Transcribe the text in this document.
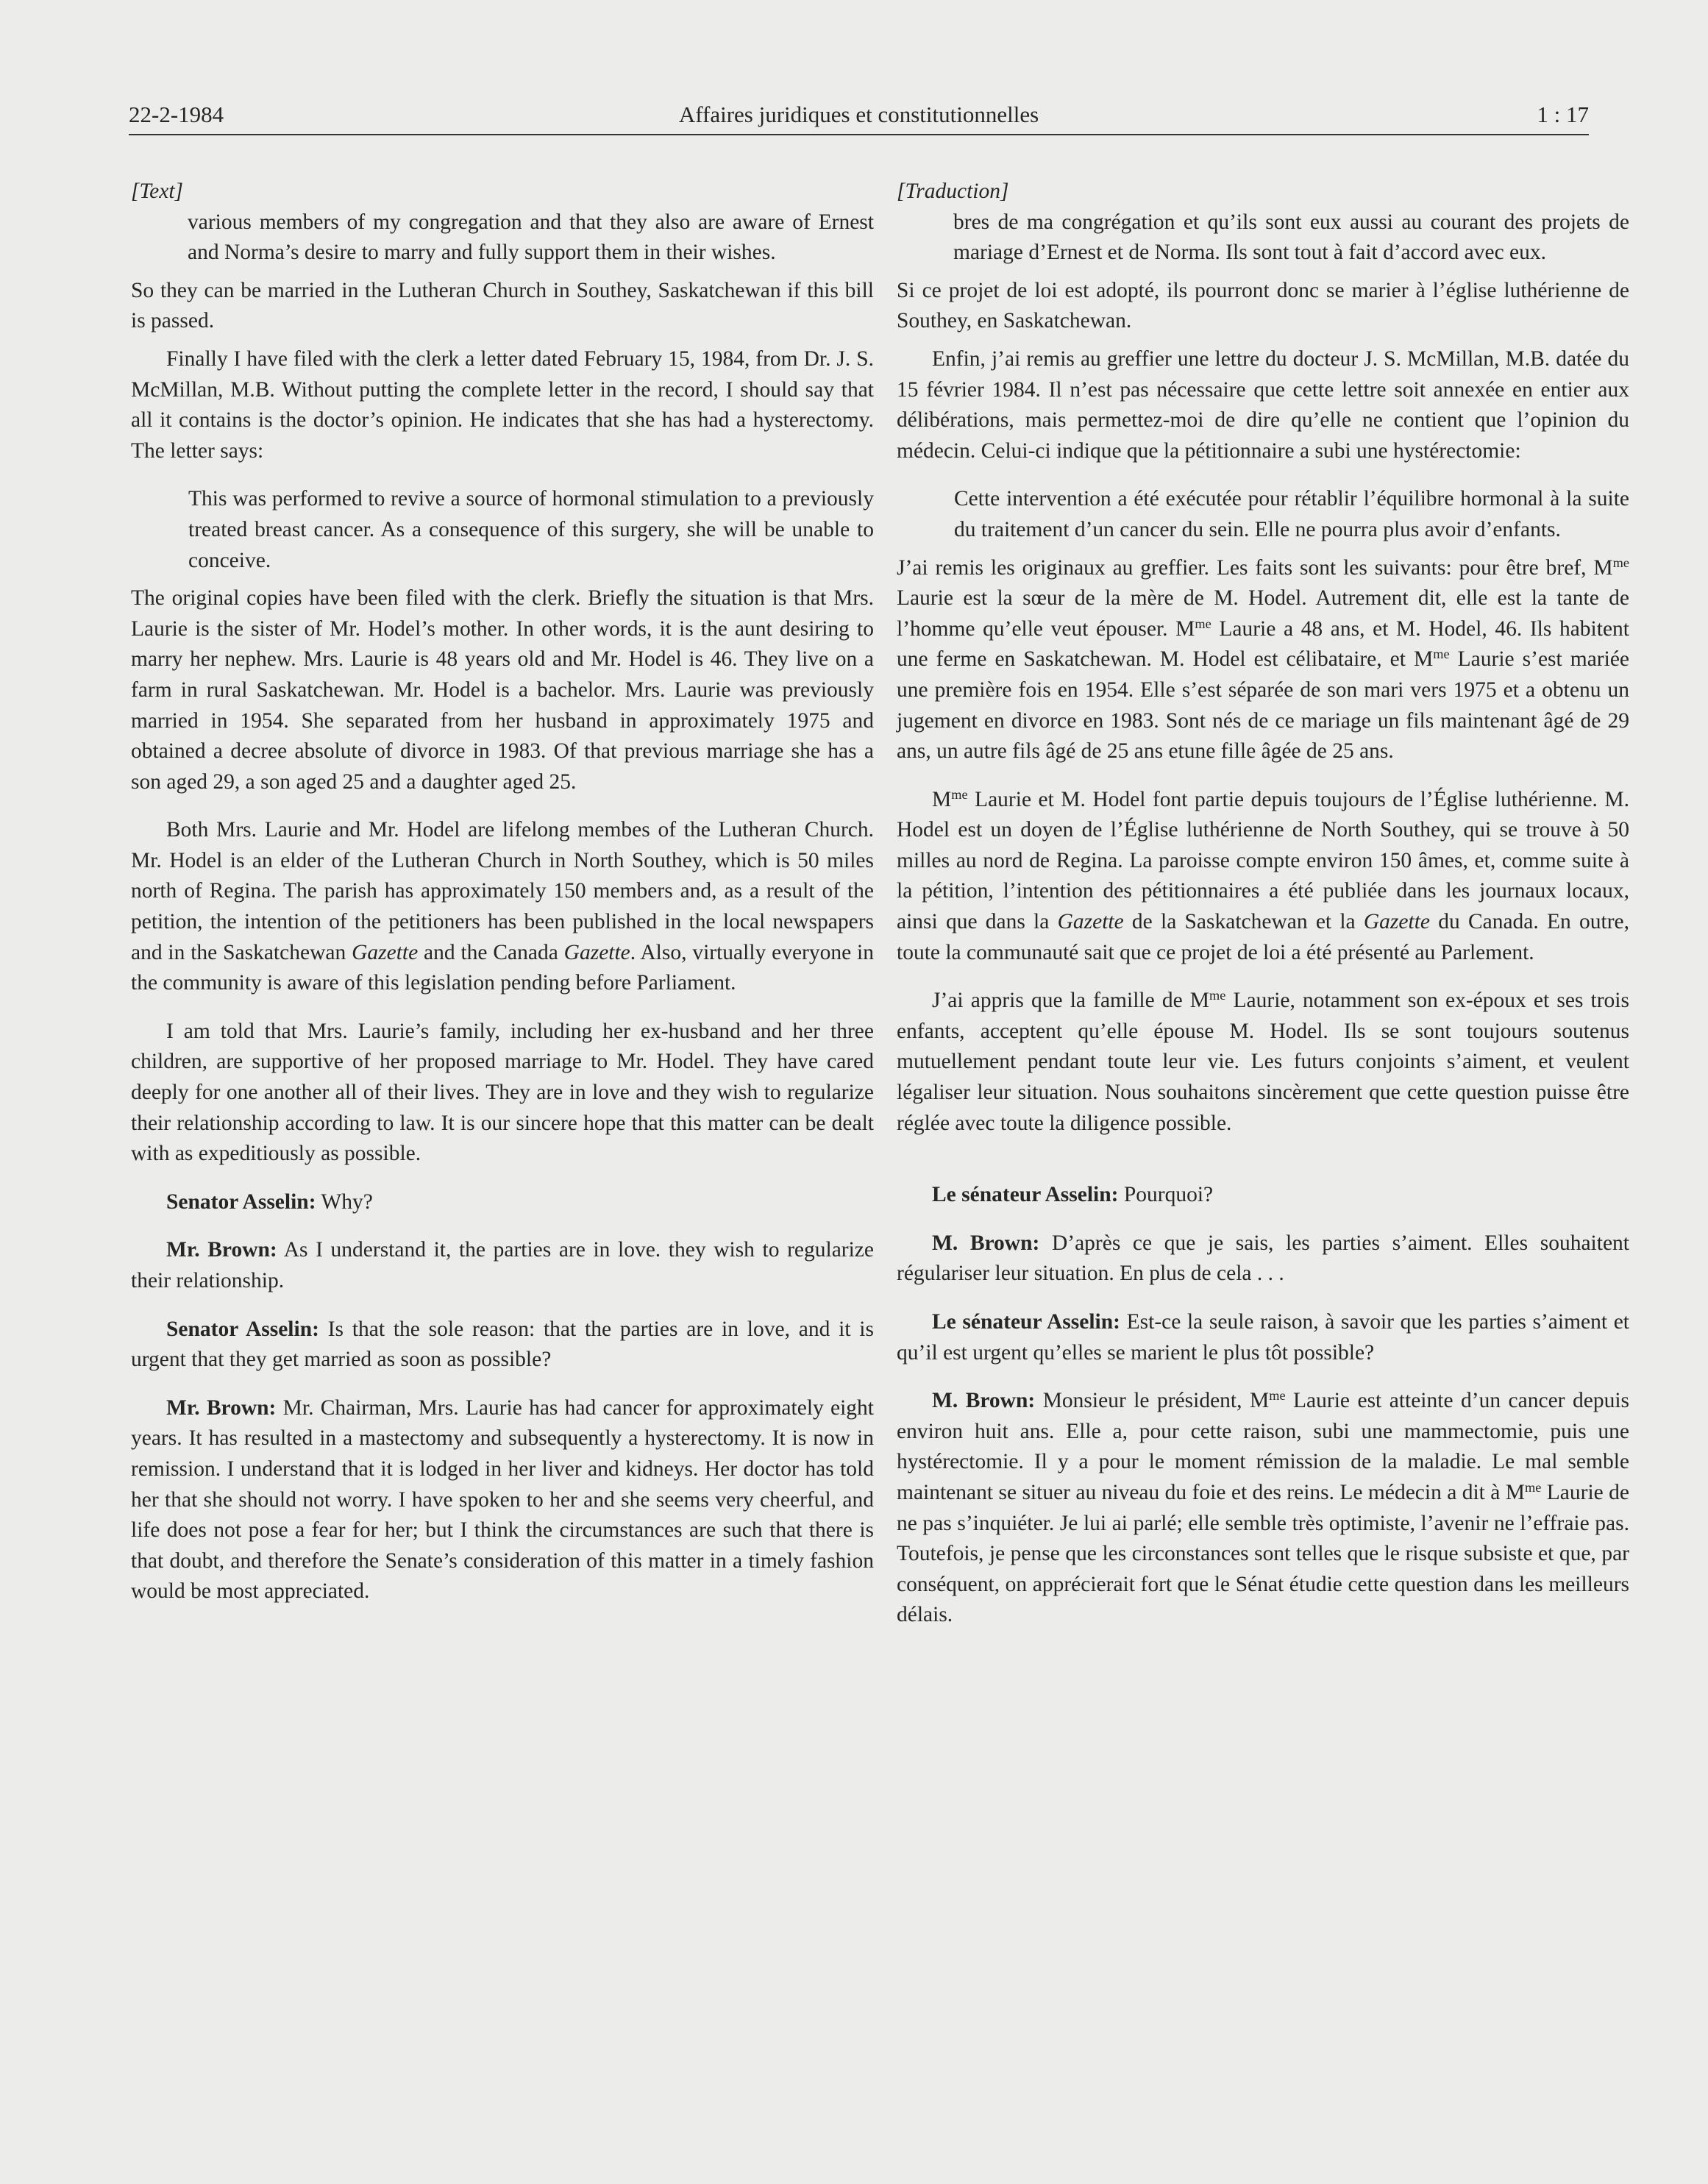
22-2-1984	Affaires juridiques et constitutionnelles	1 : 17

[Text]

various members of my congregation and that they also are aware of Ernest and Norma’s desire to marry and fully support them in their wishes.

So they can be married in the Lutheran Church in Southey, Saskatchewan if this bill is passed.

Finally I have filed with the clerk a letter dated February 15, 1984, from Dr. J. S. McMillan, M.B. Without putting the complete letter in the record, I should say that all it contains is the doctor’s opinion. He indicates that she has had a hysterectomy. The letter says:

This was performed to revive a source of hormonal stimulation to a previously treated breast cancer. As a consequence of this surgery, she will be unable to conceive.

The original copies have been filed with the clerk. Briefly the situation is that Mrs. Laurie is the sister of Mr. Hodel’s mother. In other words, it is the aunt desiring to marry her nephew. Mrs. Laurie is 48 years old and Mr. Hodel is 46. They live on a farm in rural Saskatchewan. Mr. Hodel is a bachelor. Mrs. Laurie was previously married in 1954. She separated from her husband in approximately 1975 and obtained a decree absolute of divorce in 1983. Of that previous marriage she has a son aged 29, a son aged 25 and a daughter aged 25.

Both Mrs. Laurie and Mr. Hodel are lifelong membes of the Lutheran Church. Mr. Hodel is an elder of the Lutheran Church in North Southey, which is 50 miles north of Regina. The parish has approximately 150 members and, as a result of the petition, the intention of the petitioners has been published in the local newspapers and in the Saskatchewan Gazette and the Canada Gazette. Also, virtually everyone in the community is aware of this legislation pending before Parliament.

I am told that Mrs. Laurie’s family, including her ex-husband and her three children, are supportive of her proposed marriage to Mr. Hodel. They have cared deeply for one another all of their lives. They are in love and they wish to regularize their relationship according to law. It is our sincere hope that this matter can be dealt with as expeditiously as possible.

Senator Asselin: Why?

Mr. Brown: As I understand it, the parties are in love. they wish to regularize their relationship.

Senator Asselin: Is that the sole reason: that the parties are in love, and it is urgent that they get married as soon as possible?

Mr. Brown: Mr. Chairman, Mrs. Laurie has had cancer for approximately eight years. It has resulted in a mastectomy and subsequently a hysterectomy. It is now in remission. I understand that it is lodged in her liver and kidneys. Her doctor has told her that she should not worry. I have spoken to her and she seems very cheerful, and life does not pose a fear for her; but I think the circumstances are such that there is that doubt, and therefore the Senate’s consideration of this matter in a timely fashion would be most appreciated.

[Traduction]

bres de ma congrégation et qu’ils sont eux aussi au courant des projets de mariage d’Ernest et de Norma. Ils sont tout à fait d’accord avec eux.

Si ce projet de loi est adopté, ils pourront donc se marier à l’église luthérienne de Southey, en Saskatchewan.

Enfin, j’ai remis au greffier une lettre du docteur J. S. McMillan, M.B. datée du 15 février 1984. Il n’est pas nécessaire que cette lettre soit annexée en entier aux délibérations, mais permettez-moi de dire qu’elle ne contient que l’opinion du médecin. Celui-ci indique que la pétitionnaire a subi une hystérectomie:

Cette intervention a été exécutée pour rétablir l’équilibre hormonal à la suite du traitement d’un cancer du sein. Elle ne pourra plus avoir d’enfants.

J’ai remis les originaux au greffier. Les faits sont les suivants: pour être bref, $M^{me}$ Laurie est la sœur de la mère de M. Hodel. Autrement dit, elle est la tante de l’homme qu’elle veut épouser. $M^{me}$ Laurie a 48 ans, et M. Hodel, 46. Ils habitent une ferme en Saskatchewan. M. Hodel est célibataire, et $M^{me}$ Laurie s’est mariée une première fois en 1954. Elle s’est séparée de son mari vers 1975 et a obtenu un jugement en divorce en 1983. Sont nés de ce mariage un fils maintenant âgé de 29 ans, un autre fils âgé de 25 ans etune fille âgée de 25 ans.

$M^{me}$ Laurie et M. Hodel font partie depuis toujours de l’Église luthérienne. M. Hodel est un doyen de l’Église luthérienne de North Southey, qui se trouve à 50 milles au nord de Regina. La paroisse compte environ 150 âmes, et, comme suite à la pétition, l’intention des pétitionnaires a été publiée dans les journaux locaux, ainsi que dans la Gazette de la Saskatchewan et la Gazette du Canada. En outre, toute la communauté sait que ce projet de loi a été présenté au Parlement.

J’ai appris que la famille de $M^{me}$ Laurie, notamment son ex-époux et ses trois enfants, acceptent qu’elle épouse M. Hodel. Ils se sont toujours soutenus mutuellement pendant toute leur vie. Les futurs conjoints s’aiment, et veulent légaliser leur situation. Nous souhaitons sincèrement que cette question puisse être réglée avec toute la diligence possible.

Le sénateur Asselin: Pourquoi?

M. Brown: D’après ce que je sais, les parties s’aiment. Elles souhaitent régulariser leur situation. En plus de cela . . .

Le sénateur Asselin: Est-ce la seule raison, à savoir que les parties s’aiment et qu’il est urgent qu’elles se marient le plus tôt possible?

M. Brown: Monsieur le président, $M^{me}$ Laurie est atteinte d’un cancer depuis environ huit ans. Elle a, pour cette raison, subi une mammectomie, puis une hystérectomie. Il y a pour le moment rémission de la maladie. Le mal semble maintenant se situer au niveau du foie et des reins. Le médecin a dit à $M^{me}$ Laurie de ne pas s’inquiéter. Je lui ai parlé; elle semble très optimiste, l’avenir ne l’effraie pas. Toutefois, je pense que les circonstances sont telles que le risque subsiste et que, par conséquent, on apprécierait fort que le Sénat étudie cette question dans les meilleurs délais.
